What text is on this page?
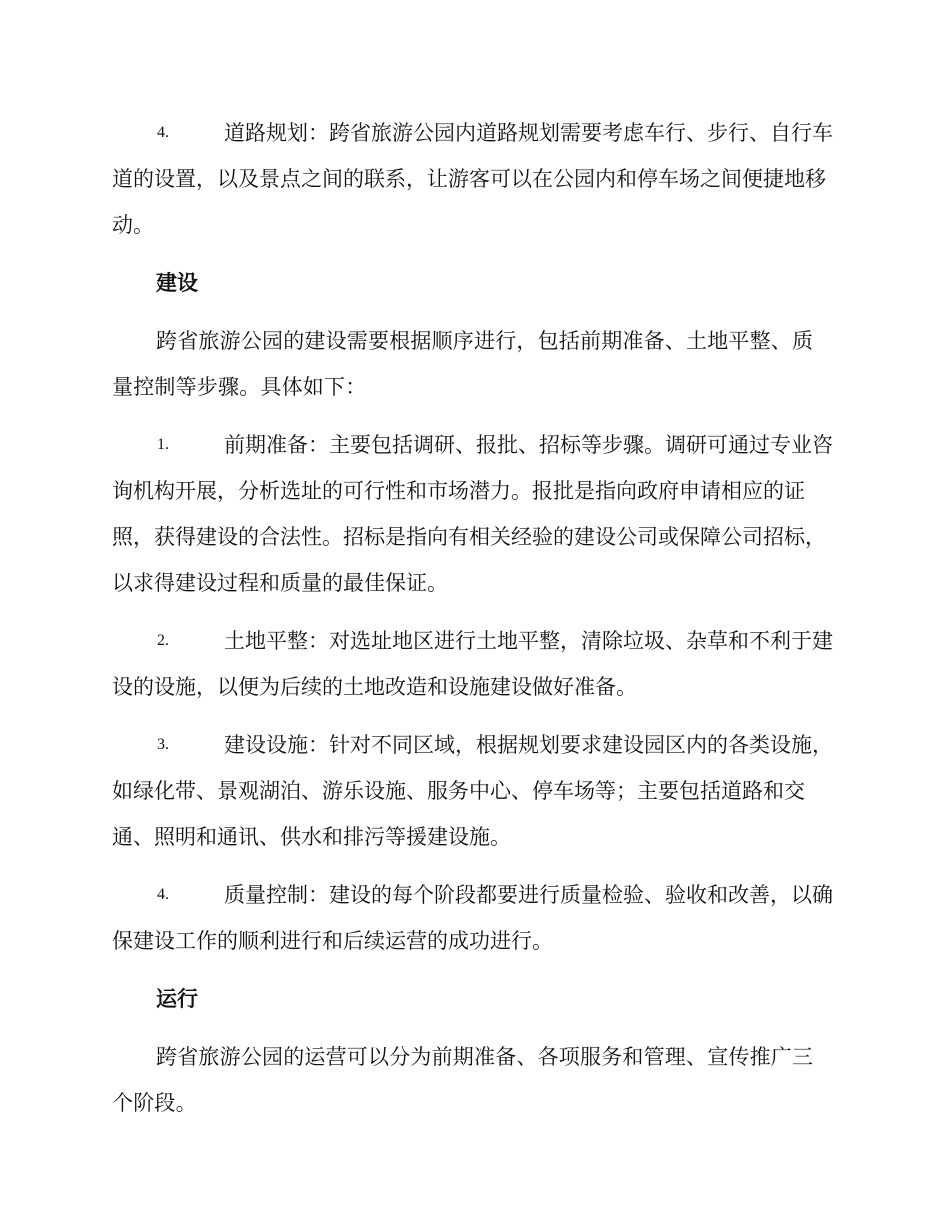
4.	道路规划：跨省旅游公园内道路规划需要考虑车行、步行、自行车道的设置，以及景点之间的联系，让游客可以在公园内和停车场之间便捷地移动。

建设

跨省旅游公园的建设需要根据顺序进行，包括前期准备、土地平整、质量控制等步骤。具体如下：

1.	前期准备：主要包括调研、报批、招标等步骤。调研可通过专业咨询机构开展，分析选址的可行性和市场潜力。报批是指向政府申请相应的证照，获得建设的合法性。招标是指向有相关经验的建设公司或保障公司招标，以求得建设过程和质量的最佳保证。

2.	土地平整：对选址地区进行土地平整，清除垃圾、杂草和不利于建设的设施，以便为后续的土地改造和设施建设做好准备。

3.	建设设施：针对不同区域，根据规划要求建设园区内的各类设施，如绿化带、景观湖泊、游乐设施、服务中心、停车场等；主要包括道路和交通、照明和通讯、供水和排污等援建设施。

4.	质量控制：建设的每个阶段都要进行质量检验、验收和改善，以确保建设工作的顺利进行和后续运营的成功进行。

运行

跨省旅游公园的运营可以分为前期准备、各项服务和管理、宣传推广三个阶段。
